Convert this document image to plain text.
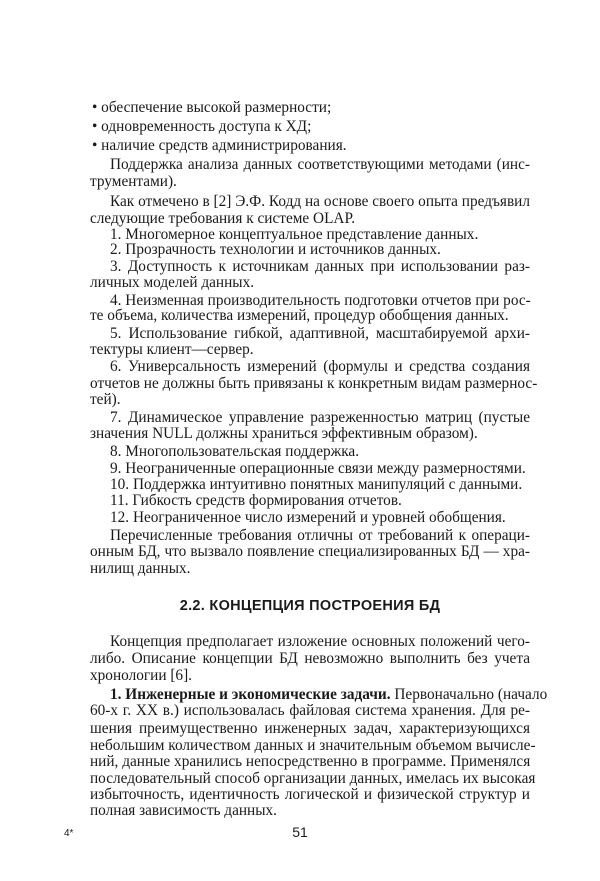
• обеспечение высокой размерности;
• одновременность доступа к ХД;
• наличие средств администрирования.
Поддержка анализа данных соответствующими методами (инс-
трументами).
Как отмечено в [2] Э.Ф. Кодд на основе своего опыта предъявил
следующие требования к системе OLAP.
1. Многомерное концептуальное представление данных.
2. Прозрачность технологии и источников данных.
3. Доступность к источникам данных при использовании раз-
личных моделей данных.
4. Неизменная производительность подготовки отчетов при рос-
те объема, количества измерений, процедур обобщения данных.
5. Использование гибкой, адаптивной, масштабируемой архи-
тектуры клиент—сервер.
6. Универсальность измерений (формулы и средства создания
отчетов не должны быть привязаны к конкретным видам размернос-
тей).
7. Динамическое управление разреженностью матриц (пустые
значения NULL должны храниться эффективным образом).
8. Многопользовательская поддержка.
9. Неограниченные операционные связи между размерностями.
10. Поддержка интуитивно понятных манипуляций с данными.
11. Гибкость средств формирования отчетов.
12. Неограниченное число измерений и уровней обобщения.
Перечисленные требования отличны от требований к операци-
онным БД, что вызвало появление специализированных БД — хра-
нилищ данных.
2.2. КОНЦЕПЦИЯ ПОСТРОЕНИЯ БД
Концепция предполагает изложение основных положений чего-
либо. Описание концепции БД невозможно выполнить без учета
хронологии [6].
1. Инженерные и экономические задачи. Первоначально (начало
60-х г. XX в.) использовалась файловая система хранения. Для ре-
шения преимущественно инженерных задач, характеризующихся
небольшим количеством данных и значительным объемом вычисле-
ний, данные хранились непосредственно в программе. Применялся
последовательный способ организации данных, имелась их высокая
избыточность, идентичность логической и физической структур и
полная зависимость данных.
4*	51
